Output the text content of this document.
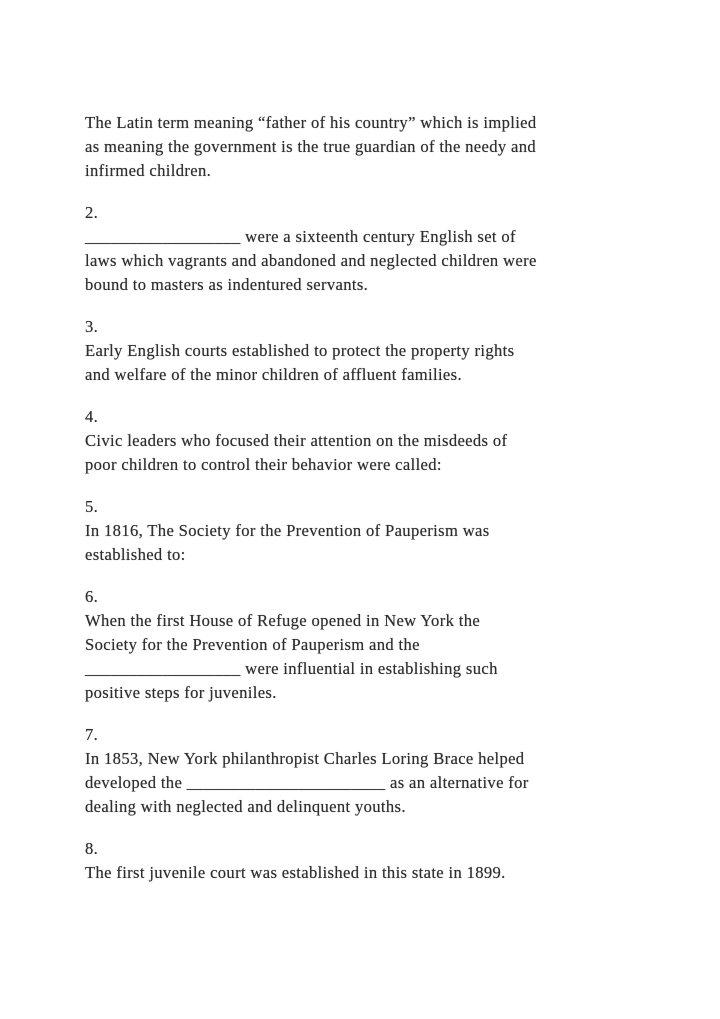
The Latin term meaning “father of his country” which is implied
as meaning the government is the true guardian of the needy and
infirmed children.
2.
__________________ were a sixteenth century English set of
laws which vagrants and abandoned and neglected children were
bound to masters as indentured servants.
3.
Early English courts established to protect the property rights
and welfare of the minor children of affluent families.
4.
Civic leaders who focused their attention on the misdeeds of
poor children to control their behavior were called:
5.
In 1816, The Society for the Prevention of Pauperism was
established to:
6.
When the first House of Refuge opened in New York the
Society for the Prevention of Pauperism and the
__________________ were influential in establishing such
positive steps for juveniles.
7.
In 1853, New York philanthropist Charles Loring Brace helped
developed the _______________________ as an alternative for
dealing with neglected and delinquent youths.
8.
The first juvenile court was established in this state in 1899.
